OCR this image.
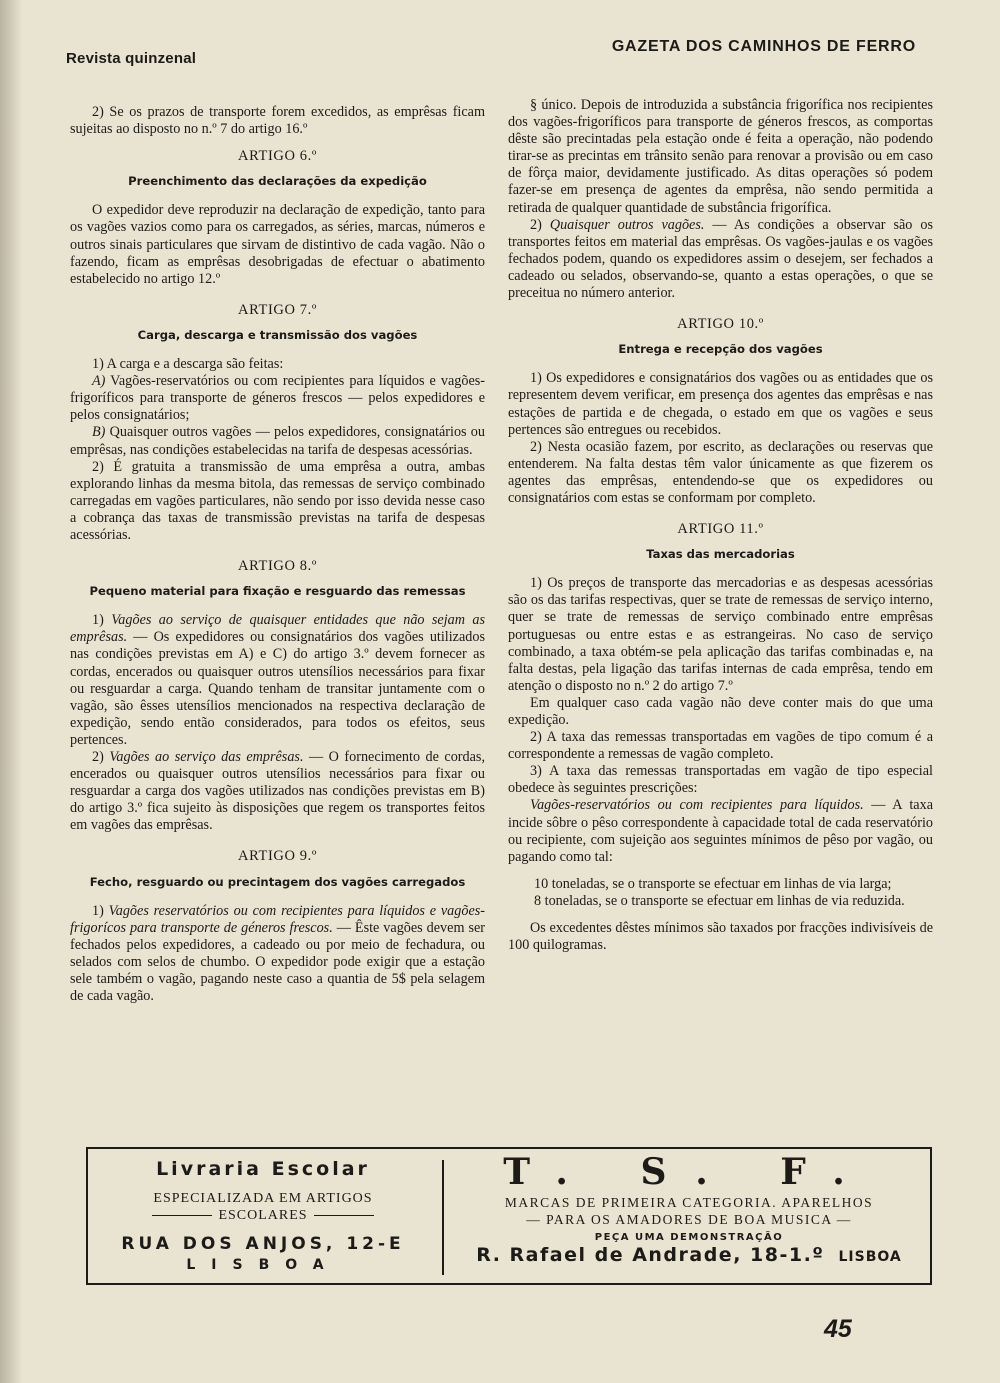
Revista quinzenal
GAZETA DOS CAMINHOS DE FERRO

2) Se os prazos de transporte forem excedidos, as emprêsas ficam sujeitas ao disposto no n.º 7 do artigo 16.º

ARTIGO 6.º
Preenchimento das declarações da expedição

O expedidor deve reproduzir na declaração de expedição, tanto para os vagões vazios como para os carregados, as séries, marcas, números e outros sinais particulares que sirvam de distintivo de cada vagão. Não o fazendo, ficam as emprêsas desobrigadas de efectuar o abatimento estabelecido no artigo 12.º

ARTIGO 7.º
Carga, descarga e transmissão dos vagões

1) A carga e a descarga são feitas:

A) Vagões-reservatórios ou com recipientes para líquidos e vagões-frigoríficos para transporte de géneros frescos — pelos expedidores e pelos consignatários;

B) Quaisquer outros vagões — pelos expedidores, consignatários ou emprêsas, nas condições estabelecidas na tarifa de despesas acessórias.

2) É gratuita a transmissão de uma emprêsa a outra, ambas explorando linhas da mesma bitola, das remessas de serviço combinado carregadas em vagões particulares, não sendo por isso devida nesse caso a cobrança das taxas de transmissão previstas na tarifa de despesas acessórias.

ARTIGO 8.º
Pequeno material para fixação e resguardo das remessas

1) Vagões ao serviço de quaisquer entidades que não sejam as emprêsas. — Os expedidores ou consignatários dos vagões utilizados nas condições previstas em A) e C) do artigo 3.º devem fornecer as cordas, encerados ou quaisquer outros utensílios necessários para fixar ou resguardar a carga. Quando tenham de transitar juntamente com o vagão, são êsses utensílios mencionados na respectiva declaração de expedição, sendo então considerados, para todos os efeitos, seus pertences.

2) Vagões ao serviço das emprêsas. — O fornecimento de cordas, encerados ou quaisquer outros utensílios necessários para fixar ou resguardar a carga dos vagões utilizados nas condições previstas em B) do artigo 3.º fica sujeito às disposições que regem os transportes feitos em vagões das emprêsas.

ARTIGO 9.º
Fecho, resguardo ou precintagem dos vagões carregados

1) Vagões reservatórios ou com recipientes para líquidos e vagões-frigorícos para transporte de géneros frescos. — Êste vagões devem ser fechados pelos expedidores, a cadeado ou por meio de fechadura, ou selados com selos de chumbo. O expedidor pode exigir que a estação sele também o vagão, pagando neste caso a quantia de 5$ pela selagem de cada vagão.

§ único. Depois de introduzida a substância frigorífica nos recipientes dos vagões-frigoríficos para transporte de géneros frescos, as comportas dêste são precintadas pela estação onde é feita a operação, não podendo tirar-se as precintas em trânsito senão para renovar a provisão ou em caso de fôrça maior, devidamente justificado. As ditas operações só podem fazer-se em presença de agentes da emprêsa, não sendo permitida a retirada de qualquer quantidade de substância frigorífica.

2) Quaisquer outros vagões. — As condições a observar são os transportes feitos em material das emprêsas. Os vagões-jaulas e os vagões fechados podem, quando os expedidores assim o desejem, ser fechados a cadeado ou selados, observando-se, quanto a estas operações, o que se preceitua no número anterior.

ARTIGO 10.º
Entrega e recepção dos vagões

1) Os expedidores e consignatários dos vagões ou as entidades que os representem devem verificar, em presença dos agentes das emprêsas e nas estações de partida e de chegada, o estado em que os vagões e seus pertences são entregues ou recebidos.

2) Nesta ocasião fazem, por escrito, as declarações ou reservas que entenderem. Na falta destas têm valor únicamente as que fizerem os agentes das emprêsas, entendendo-se que os expedidores ou consignatários com estas se conformam por completo.

ARTIGO 11.º
Taxas das mercadorias

1) Os preços de transporte das mercadorias e as despesas acessórias são os das tarifas respectivas, quer se trate de remessas de serviço interno, quer se trate de remessas de serviço combinado entre emprêsas portuguesas ou entre estas e as estrangeiras. No caso de serviço combinado, a taxa obtém-se pela aplicação das tarifas combinadas e, na falta destas, pela ligação das tarifas internas de cada emprêsa, tendo em atenção o disposto no n.º 2 do artigo 7.º

Em qualquer caso cada vagão não deve conter mais do que uma expedição.

2) A taxa das remessas transportadas em vagões de tipo comum é a correspondente a remessas de vagão completo.

3) A taxa das remessas transportadas em vagão de tipo especial obedece às seguintes prescrições:

Vagões-reservatórios ou com recipientes para líquidos. — A taxa incide sôbre o pêso correspondente à capacidade total de cada reservatório ou recipiente, com sujeição aos seguintes mínimos de pêso por vagão, ou pagando como tal:

10 toneladas, se o transporte se efectuar em linhas de via larga;

8 toneladas, se o transporte se efectuar em linhas de via reduzida.

Os excedentes dêstes mínimos são taxados por fracções indivisíveis de 100 quilogramas.

Livraria Escolar
ESPECIALIZADA EM ARTIGOS
ESCOLARES
RUA DOS ANJOS, 12-E
LISBOA
T. S. F.
MARCAS DE PRIMEIRA CATEGORIA. APARELHOS
— PARA OS AMADORES DE BOA MUSICA —
PEÇA UMA DEMONSTRAÇÃO
R. Rafael de Andrade, 18-1.º LISBOA
45
